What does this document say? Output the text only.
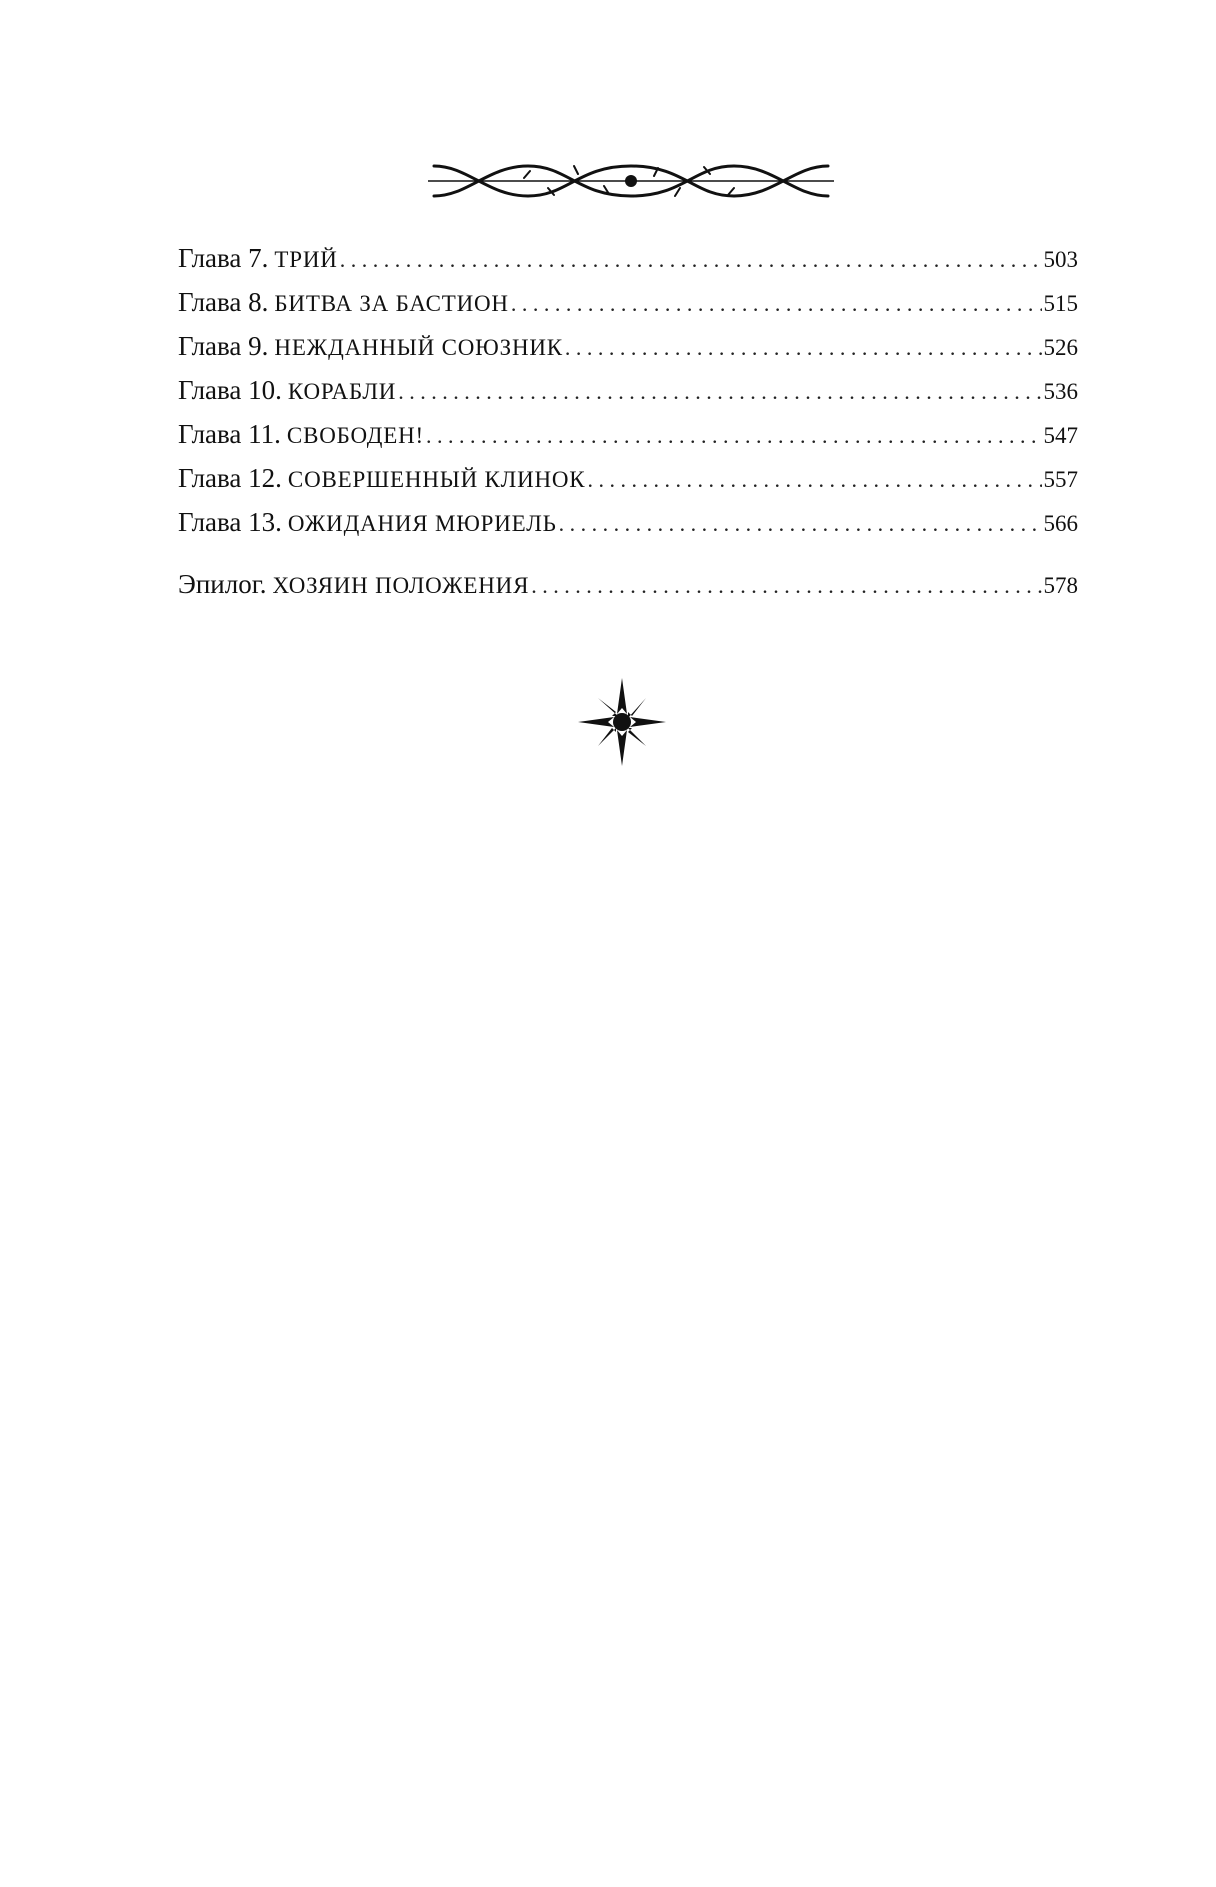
Глава 7. ТРИЙ . . .	503
Глава 8. БИТВА ЗА БАСТИОН . . .	515
Глава 9. НЕЖДАННЫЙ СОЮЗНИК . . .	526
Глава 10. КОРАБЛИ . . .	536
Глава 11. СВОБОДЕН! . . .	547
Глава 12. СОВЕРШЕННЫЙ КЛИНОК . . .	557
Глава 13. ОЖИДАНИЯ МЮРИЕЛЬ . . .	566
Эпилог. ХОЗЯИН ПОЛОЖЕНИЯ . . .	578
